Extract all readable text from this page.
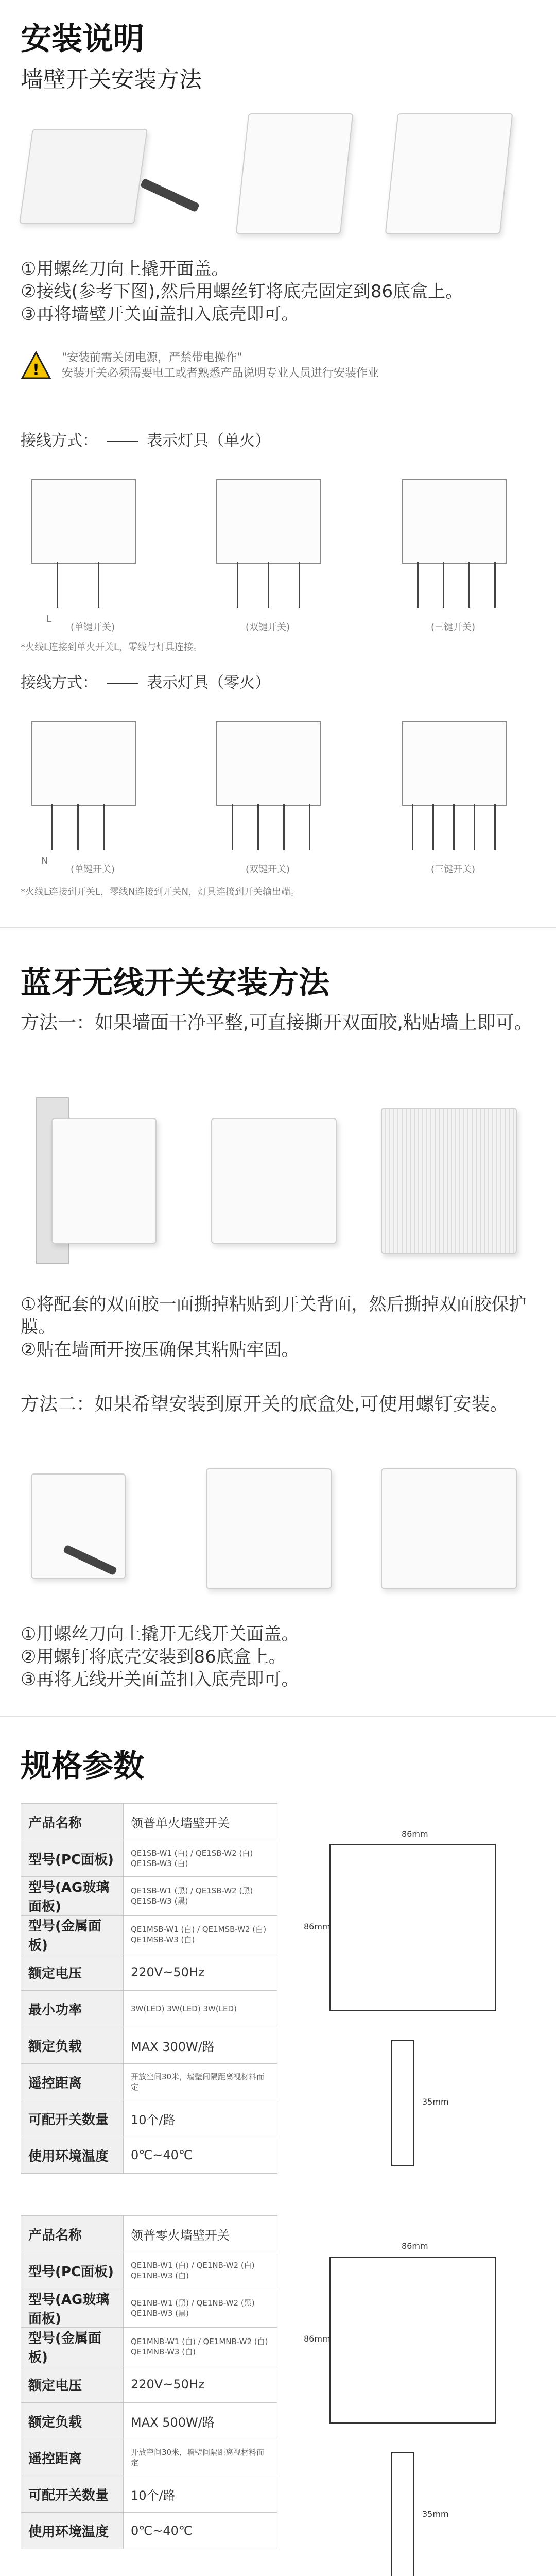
安装说明
墙壁开关安装方法
①用螺丝刀向上撬开面盖。
②接线(参考下图),然后用螺丝钉将底壳固定到86底盒上。
③再将墙壁开关面盖扣入底壳即可。
!
"安装前需关闭电源，严禁带电操作"
安装开关必须需要电工或者熟悉产品说明专业人员进行安装作业
接线方式：	表示灯具（单火）
L
(单键开关)	(双键开关)	(三键开关)
*火线L连接到单火开关L，零线与灯具连接。
接线方式：	表示灯具（零火）
N
(单键开关)	(双键开关)	(三键开关)
*火线L连接到开关L，零线N连接到开关N，灯具连接到开关输出端。
蓝牙无线开关安装方法
方法一：如果墙面干净平整,可直接撕开双面胶,粘贴墙上即可。
①将配套的双面胶一面撕掉粘贴到开关背面，然后撕掉双面胶保护膜。
②贴在墙面开按压确保其粘贴牢固。
方法二：如果希望安装到原开关的底盒处,可使用螺钉安装。
①用螺丝刀向上撬开无线开关面盖。
②用螺钉将底壳安装到86底盒上。
③再将无线开关面盖扣入底壳即可。
规格参数
产品名称	领普单火墙壁开关
型号(PC面板)	QE1SB-W1 (白) / QE1SB-W2 (白)
QE1SB-W3 (白)
型号(AG玻璃面板)	QE1SB-W1 (黑) / QE1SB-W2 (黑)
QE1SB-W3 (黑)
型号(金属面板)	QE1MSB-W1 (白) / QE1MSB-W2 (白)
QE1MSB-W3 (白)
额定电压	220V~50Hz
最小功率	3W(LED) 3W(LED) 3W(LED)
额定负载	MAX 300W/路
遥控距离	开放空间30米，墙壁间隔距离视材料而定
可配开关数量	10个/路
使用环境温度	0℃~40℃
86mm
86mm
35mm
产品名称	领普零火墙壁开关
型号(PC面板)	QE1NB-W1 (白) / QE1NB-W2 (白)
QE1NB-W3 (白)
型号(AG玻璃面板)	QE1NB-W1 (黑) / QE1NB-W2 (黑)
QE1NB-W3 (黑)
型号(金属面板)	QE1MNB-W1 (白) / QE1MNB-W2 (白)
QE1MNB-W3 (白)
额定电压	220V~50Hz
额定负载	MAX 500W/路
遥控距离	开放空间30米，墙壁间隔距离视材料而定
可配开关数量	10个/路
使用环境温度	0℃~40℃
86mm
86mm
35mm
